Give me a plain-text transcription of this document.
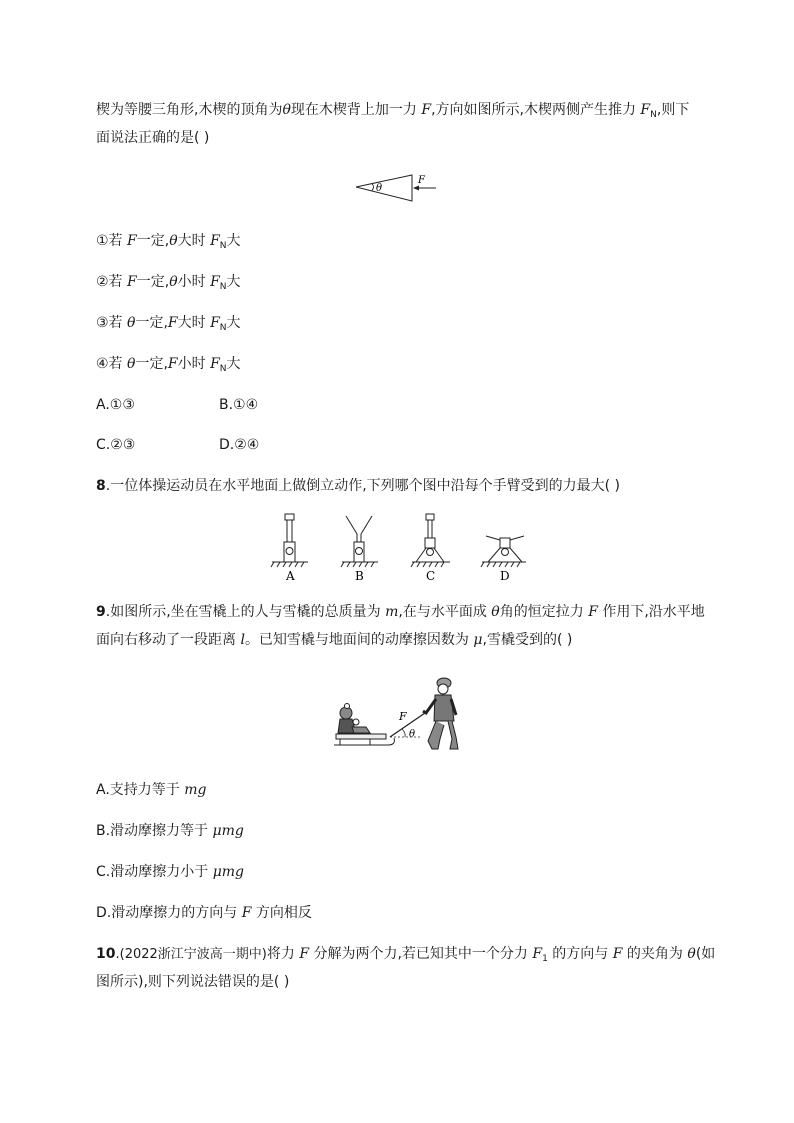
楔为等腰三角形,木楔的顶角为θ现在木楔背上加一力 F,方向如图所示,木楔两侧产生推力 $F_N$,则下
面说法正确的是( )
θ
F
①若 F一定,θ大时 $F_N$大
②若 F一定,θ小时 $F_N$大
③若 θ一定,F大时 $F_N$大
④若 θ一定,F小时 $F_N$大
A.①③	B.①④
C.②③	D.②④
8.一位体操运动员在水平地面上做倒立动作,下列哪个图中沿每个手臂受到的力最大( )
A	B	C	D
9.如图所示,坐在雪橇上的人与雪橇的总质量为 m,在与水平面成 θ角的恒定拉力 F 作用下,沿水平地
面向右移动了一段距离 l。已知雪橇与地面间的动摩擦因数为 μ,雪橇受到的( )
F
θ
A.支持力等于 mg
B.滑动摩擦力等于 μmg
C.滑动摩擦力小于 μmg
D.滑动摩擦力的方向与 F 方向相反
10.(2022浙江宁波高一期中)将力 F 分解为两个力,若已知其中一个分力 $F_1$ 的方向与 F 的夹角为 θ(如
图所示),则下列说法错误的是( )
